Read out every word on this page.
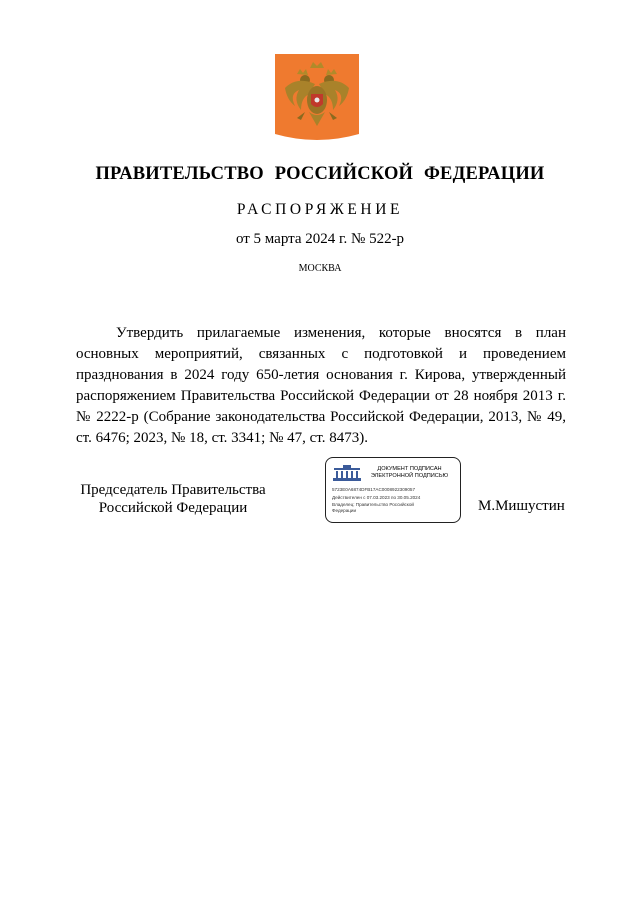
ПРАВИТЕЛЬСТВО РОССИЙСКОЙ ФЕДЕРАЦИИ
РАСПОРЯЖЕНИЕ
от 5 марта 2024 г. № 522-р
МОСКВА

Утвердить прилагаемые изменения, которые вносятся в план основных мероприятий, связанных с подготовкой и проведением празднования в 2024 году 650-летия основания г. Кирова, утвержденный распоряжением Правительства Российской Федерации от 28 ноября 2013 г. № 2222-р (Собрание законодательства Российской Федерации, 2013, № 49, ст. 6476; 2023, № 18, ст. 3341; № 47, ст. 8473).

Председатель Правительства
Российской Федерации
ДОКУМЕНТ ПОДПИСАН
ЭЛЕКТРОННОЙ ПОДПИСЬЮ
5723E0A6874DFB17AC0008922309057
Действителен с 07.03.2023 по 30.05.2024
Владелец: Правительство Российской Федерации	М.Мишустин
